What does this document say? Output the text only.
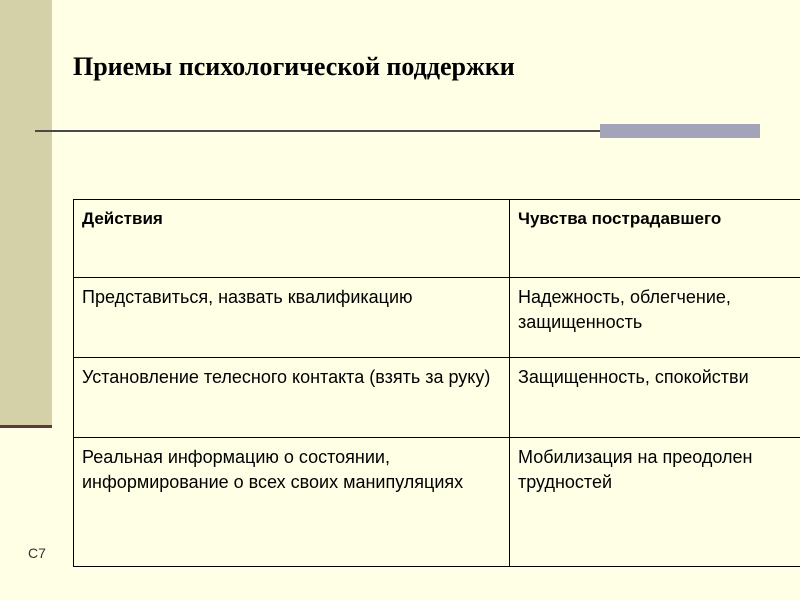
Приемы психологической поддержки
Действия	Чувства пострадавшего
Представиться, назвать квалификацию	Надежность, облегчение, защищенность
Установление телесного контакта (взять за руку)	Защищенность, спокойстви
Реальная информацию о состоянии, информирование о всех своих манипуляциях	Мобилизация на преодолен трудностей
С7
